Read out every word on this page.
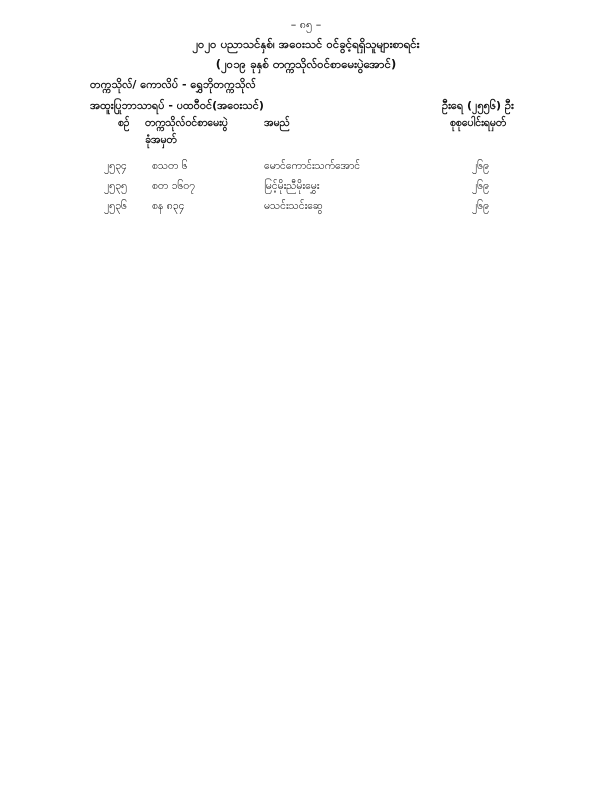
– ၈၅ –
၂၀၂၀ ပညာသင်နှစ်၊ အဝေးသင် ဝင်ခွင့်ရရှိသူများစာရင်း
(၂၀၁၉ ခုနှစ် တက္ကသိုလ်ဝင်စာမေးပွဲအောင်)
တက္ကသိုလ်/ ကောလိပ် - ရွှေဘိုတက္ကသိုလ်
အထူးပြုဘာသာရပ် - ပထဝီဝင်(အဝေးသင်)	ဦးရေ (၂၅၅၆) ဦး
စဉ် တက္ကသိုလ်ဝင်စာမေးပွဲ	အမည်	စုစုပေါင်းရမှတ်
ခုံအမှတ်
၂၅၃၄ စသတ ၆	မောင်ကောင်းသက်အောင်	၂၆၉
၂၅၃၅ စတ ၁၆၀၇	မြင့်မိုးညီမိုးမွှေး	၂၆၉
၂၅၃၆ စန ၈၃၄	မသင်းသင်းဆွေ	၂၆၉
